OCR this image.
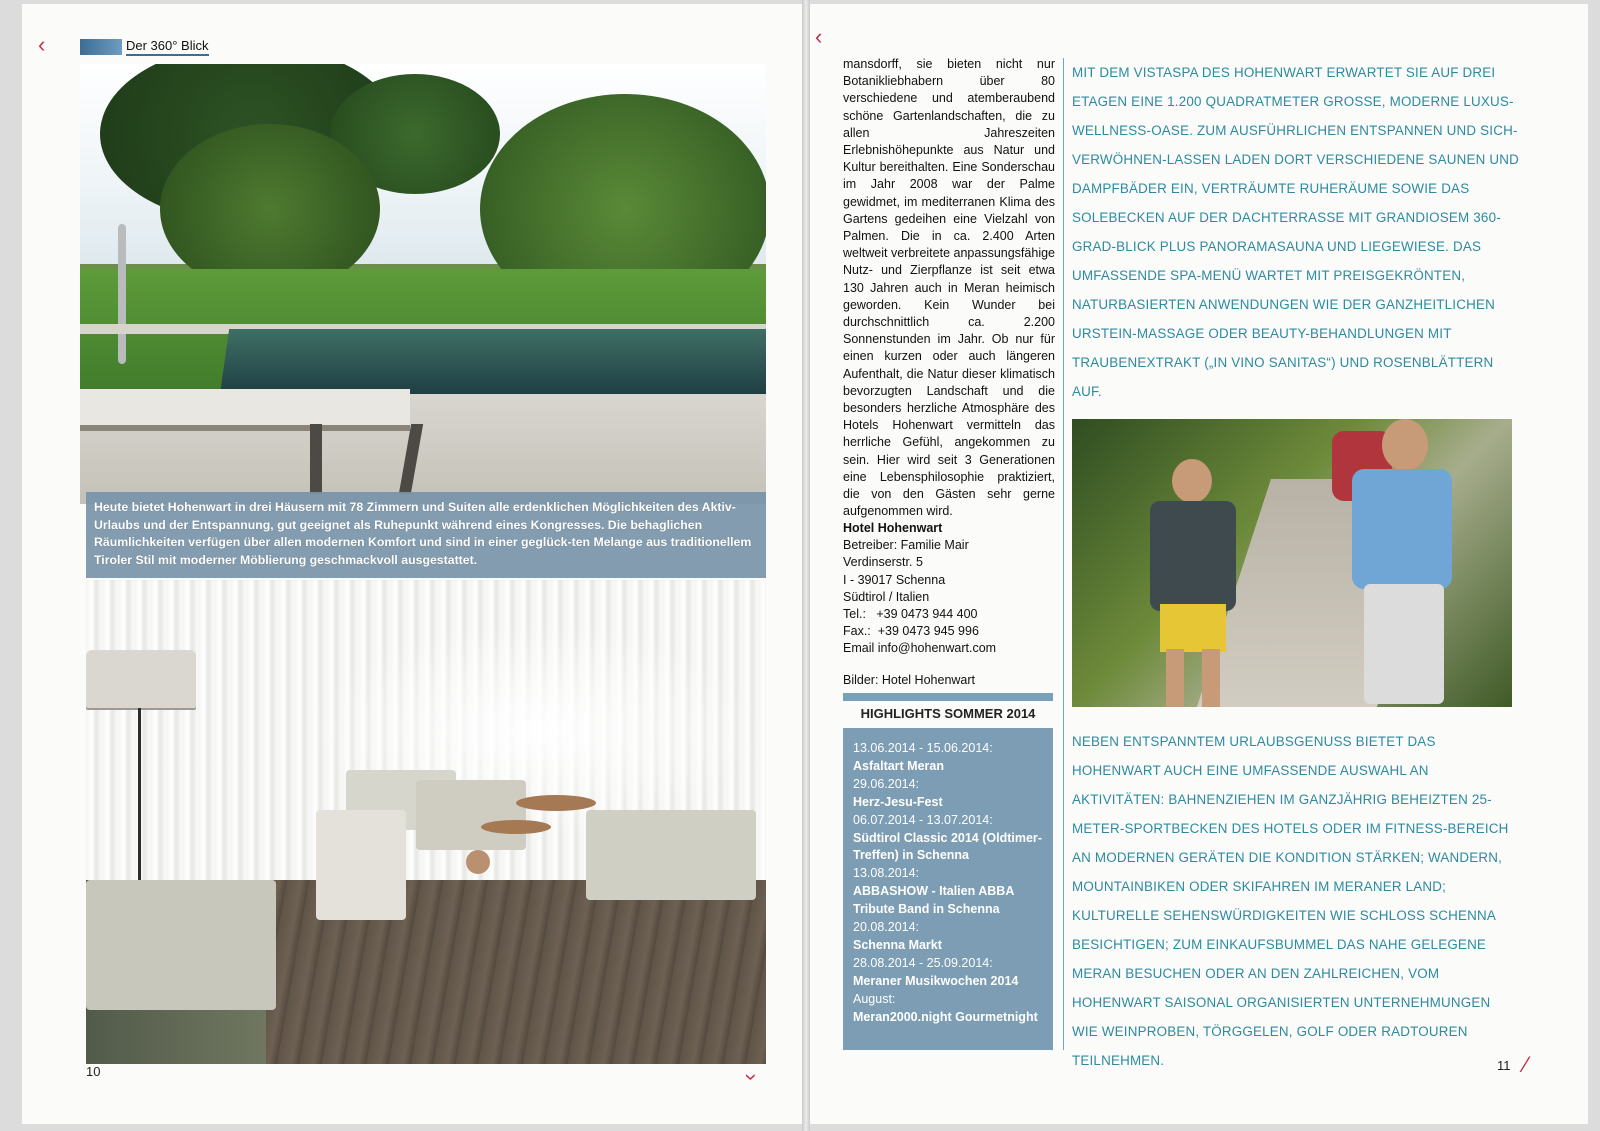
‹	‹
›	⁄
Der 360° Blick

Heute bietet Hohenwart in drei Häusern mit 78 Zimmern und Suiten alle erdenklichen Möglichkeiten des Aktiv-Urlaubs und der Entspannung, gut geeignet als Ruhepunkt während eines Kongresses. Die behaglichen Räumlichkeiten verfügen über allen modernen Komfort und sind in einer geglück-ten Melange aus traditionellem Tiroler Stil mit moderner Möblierung geschmackvoll ausgestattet.

10

mansdorff, sie bieten nicht nur Botanikliebhabern über 80 verschiedene und atemberaubend schöne Gartenlandschaften, die zu allen Jahreszeiten Erlebnishöhepunkte aus Natur und Kultur bereithalten. Eine Sonderschau im Jahr 2008 war der Palme gewidmet, im mediterranen Klima des Gartens gedeihen eine Vielzahl von Palmen. Die in ca. 2.400 Arten weltweit verbreitete anpassungsfähige Nutz- und Zierpflanze ist seit etwa 130 Jahren auch in Meran heimisch geworden. Kein Wunder bei durchschnittlich ca. 2.200 Sonnenstunden im Jahr. Ob nur für einen kurzen oder auch längeren Aufenthalt, die Natur dieser klimatisch bevorzugten Landschaft und die besonders herzliche Atmosphäre des Hotels Hohenwart vermitteln das herrliche Gefühl, angekommen zu sein. Hier wird seit 3 Generationen eine Lebensphilosophie praktiziert, die von den Gästen sehr gerne aufgenommen wird.

Hotel Hohenwart
Betreiber: Familie Mair
Verdinserstr. 5
I - 39017 Schenna
Südtirol / Italien
Tel.: +39 0473 944 400
Fax.: +39 0473 945 996
Email info@hohenwart.com
Bilder: Hotel Hohenwart
HIGHLIGHTS SOMMER 2014
13.06.2014 - 15.06.2014:
Asfaltart Meran
29.06.2014:
Herz-Jesu-Fest
06.07.2014 - 13.07.2014:
Südtirol Classic 2014 (Oldtimer-Treffen) in Schenna
13.08.2014:
ABBASHOW - Italien ABBA Tribute Band in Schenna
20.08.2014:
Schenna Markt
28.08.2014 - 25.09.2014:
Meraner Musikwochen 2014
August:
Meran2000.night Gourmetnight

MIT DEM VISTASPA DES HOHENWART ERWARTET SIE AUF DREI ETAGEN EINE 1.200 QUADRATMETER GROSSE, MODERNE LUXUS-WELLNESS-OASE. ZUM AUSFÜHRLICHEN ENTSPANNEN UND SICH-VERWÖHNEN-LASSEN LADEN DORT VERSCHIEDENE SAUNEN UND DAMPFBÄDER EIN, VERTRÄUMTE RUHERÄUME SOWIE DAS SOLEBECKEN AUF DER DACHTERRASSE MIT GRANDIOSEM 360-GRAD-BLICK PLUS PANORAMASAUNA UND LIEGEWIESE. DAS UMFASSENDE SPA-MENÜ WARTET MIT PREISGEKRÖNTEN, NATURBASIERTEN ANWENDUNGEN WIE DER GANZHEITLICHEN URSTEIN-MASSAGE ODER BEAUTY-BEHANDLUNGEN MIT TRAUBENEXTRAKT („IN VINO SANITAS“) UND ROSENBLÄTTERN AUF.

NEBEN ENTSPANNTEM URLAUBSGENUSS BIETET DAS HOHENWART AUCH EINE UMFASSENDE AUSWAHL AN AKTIVITÄTEN: BAHNENZIEHEN IM GANZJÄHRIG BEHEIZTEN 25-METER-SPORTBECKEN DES HOTELS ODER IM FITNESS-BEREICH AN MODERNEN GERÄTEN DIE KONDITION STÄRKEN; WANDERN, MOUNTAINBIKEN ODER SKIFAHREN IM MERANER LAND; KULTURELLE SEHENSWÜRDIGKEITEN WIE SCHLOSS SCHENNA BESICHTIGEN; ZUM EINKAUFSBUMMEL DAS NAHE GELEGENE MERAN BESUCHEN ODER AN DEN ZAHLREICHEN, VOM HOHENWART SAISONAL ORGANISIERTEN UNTERNEHMUNGEN WIE WEINPROBEN, TÖRGGELEN, GOLF ODER RADTOUREN TEILNEHMEN.	11
